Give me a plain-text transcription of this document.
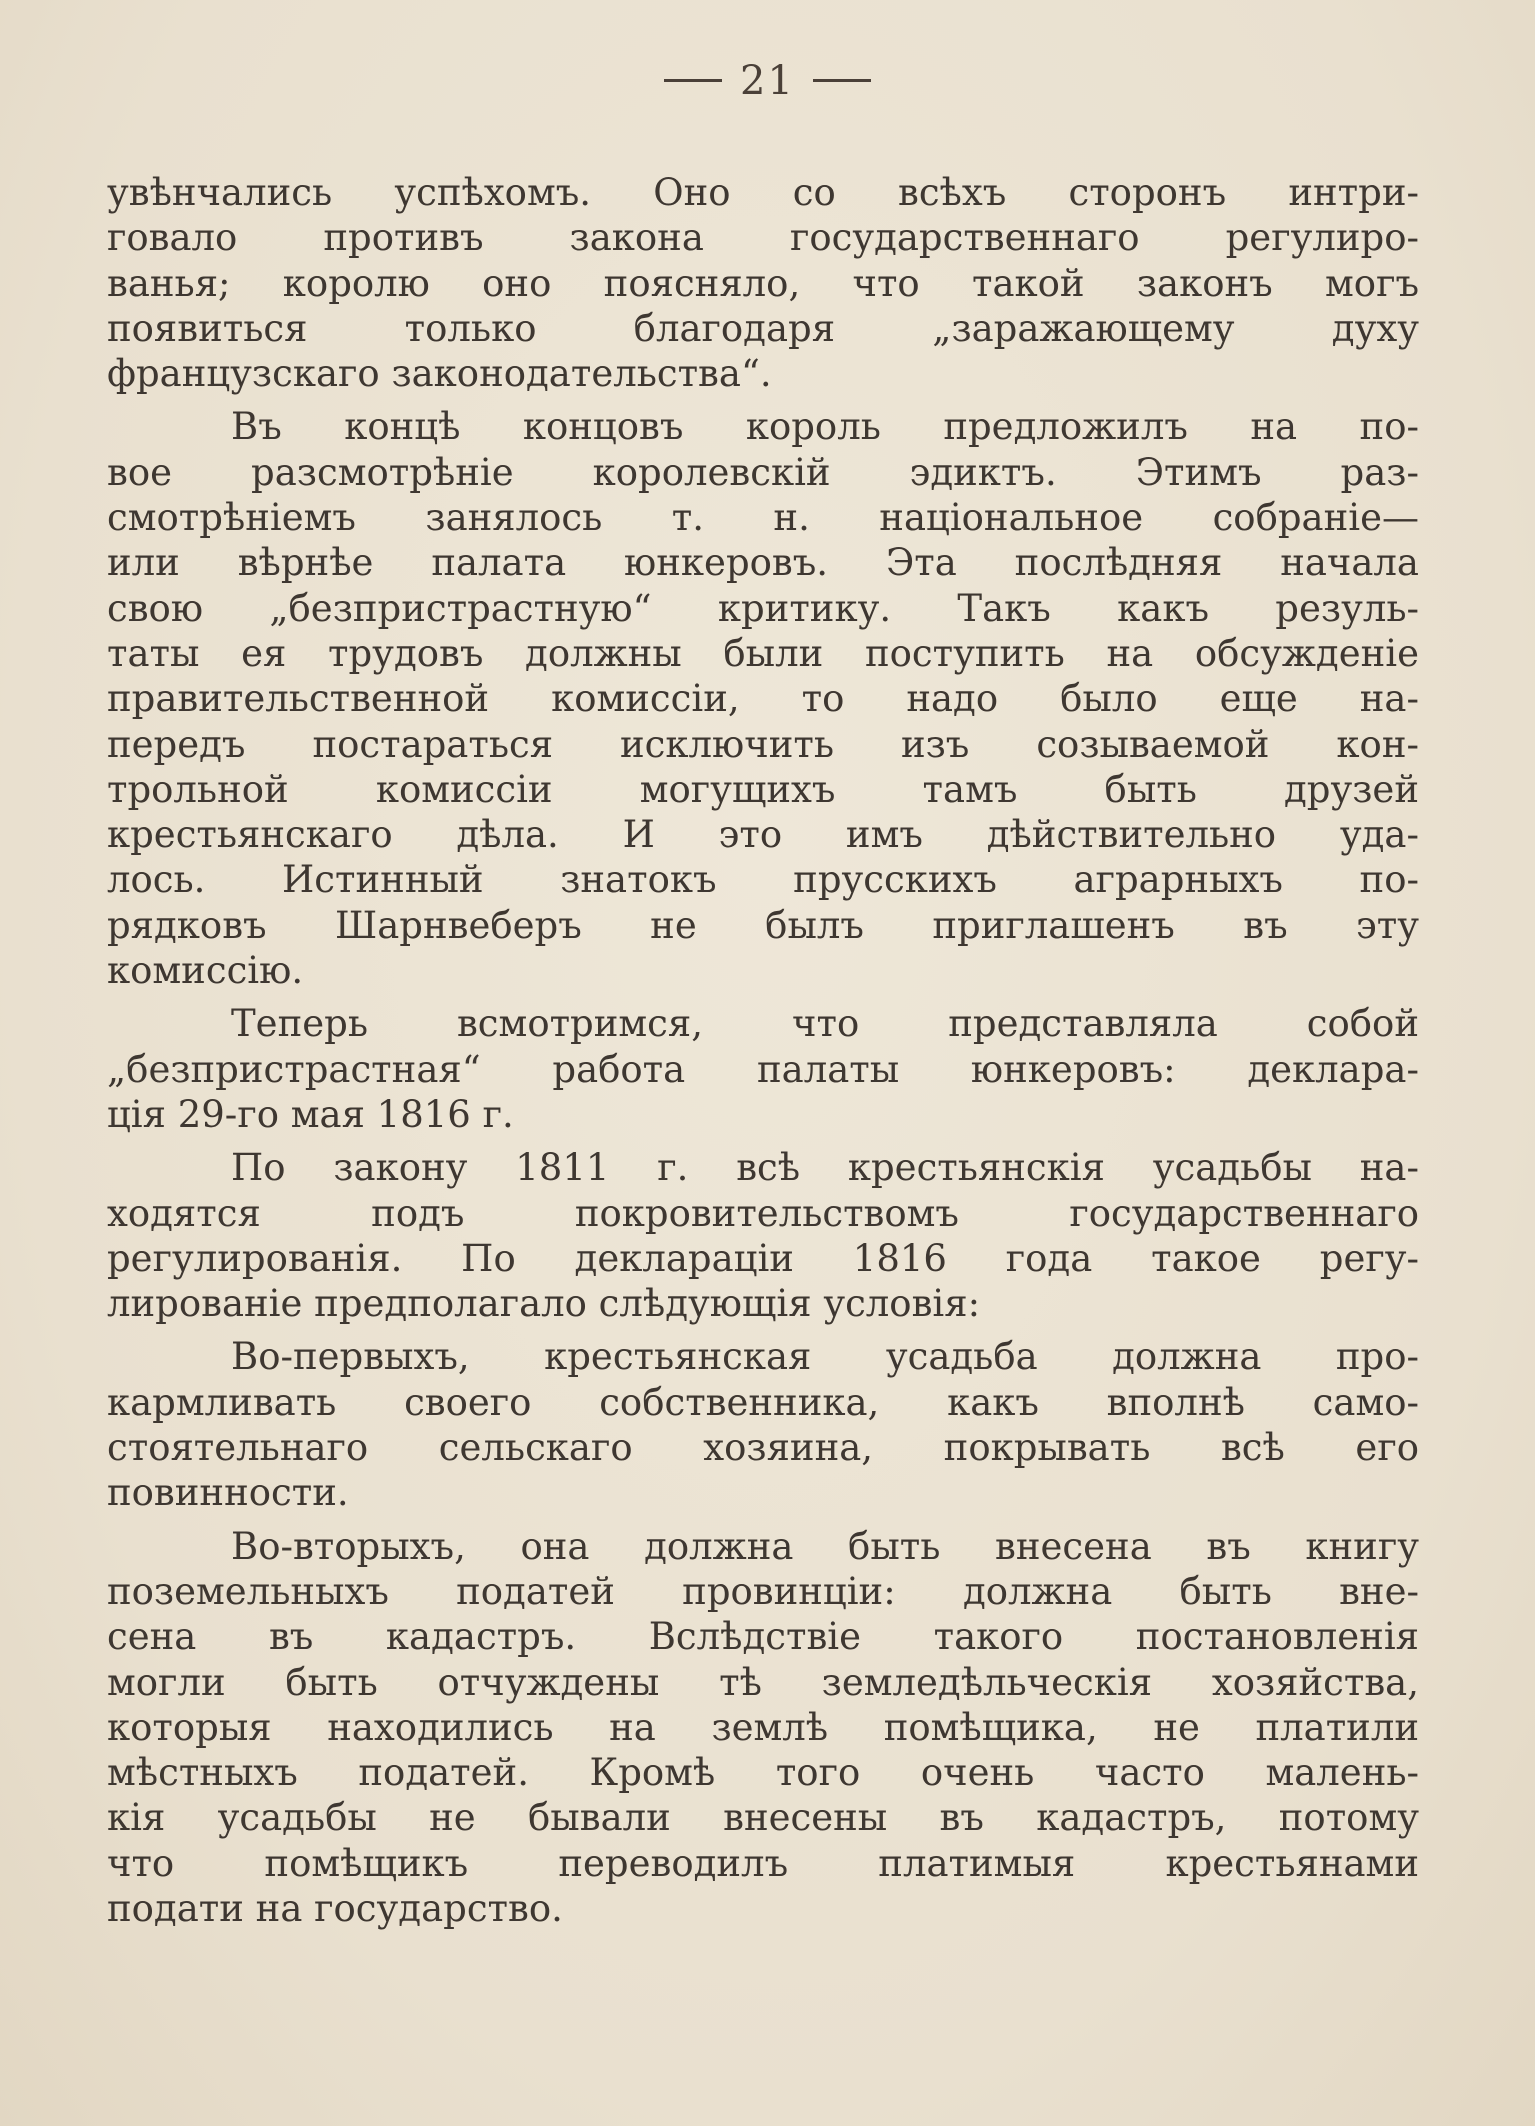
21
увѣнчались успѣхомъ. Оно со всѣхъ сторонъ интри-
говало противъ закона государственнаго регулиро-
ванья; королю оно поясняло, что такой законъ могъ
появиться только благодаря „заражающему духу
французскаго законодательства“.
Въ концѣ концовъ король предложилъ на по-
вое разсмотрѣніе королевскій эдиктъ. Этимъ раз-
смотрѣніемъ занялось т. н. національное собраніе—
или вѣрнѣе палата юнкеровъ. Эта послѣдняя начала
свою „безпристрастную“ критику. Такъ какъ резуль-
таты ея трудовъ должны были поступить на обсужденіе
правительственной комиссіи, то надо было еще на-
передъ постараться исключить изъ созываемой кон-
трольной комиссіи могущихъ тамъ быть друзей
крестьянскаго дѣла. И это имъ дѣйствительно уда-
лось. Истинный знатокъ прусскихъ аграрныхъ по-
рядковъ Шарнвеберъ не былъ приглашенъ въ эту
комиссію.
Теперь всмотримся, что представляла собой
„безпристрастная“ работа палаты юнкеровъ: деклара-
ція 29-го мая 1816 г.
По закону 1811 г. всѣ крестьянскія усадьбы на-
ходятся подъ покровительствомъ государственнаго
регулированія. По деклараціи 1816 года такое регу-
лированіе предполагало слѣдующія условія:
Во-первыхъ, крестьянская усадьба должна про-
кармливать своего собственника, какъ вполнѣ само-
стоятельнаго сельскаго хозяина, покрывать всѣ его
повинности.
Во-вторыхъ, она должна быть внесена въ книгу
поземельныхъ податей провинціи: должна быть вне-
сена въ кадастръ. Вслѣдствіе такого постановленія
могли быть отчуждены тѣ земледѣльческія хозяйства,
которыя находились на землѣ помѣщика, не платили
мѣстныхъ податей. Кромѣ того очень часто малень-
кія усадьбы не бывали внесены въ кадастръ, потому
что помѣщикъ переводилъ платимыя крестьянами
подати на государство.
